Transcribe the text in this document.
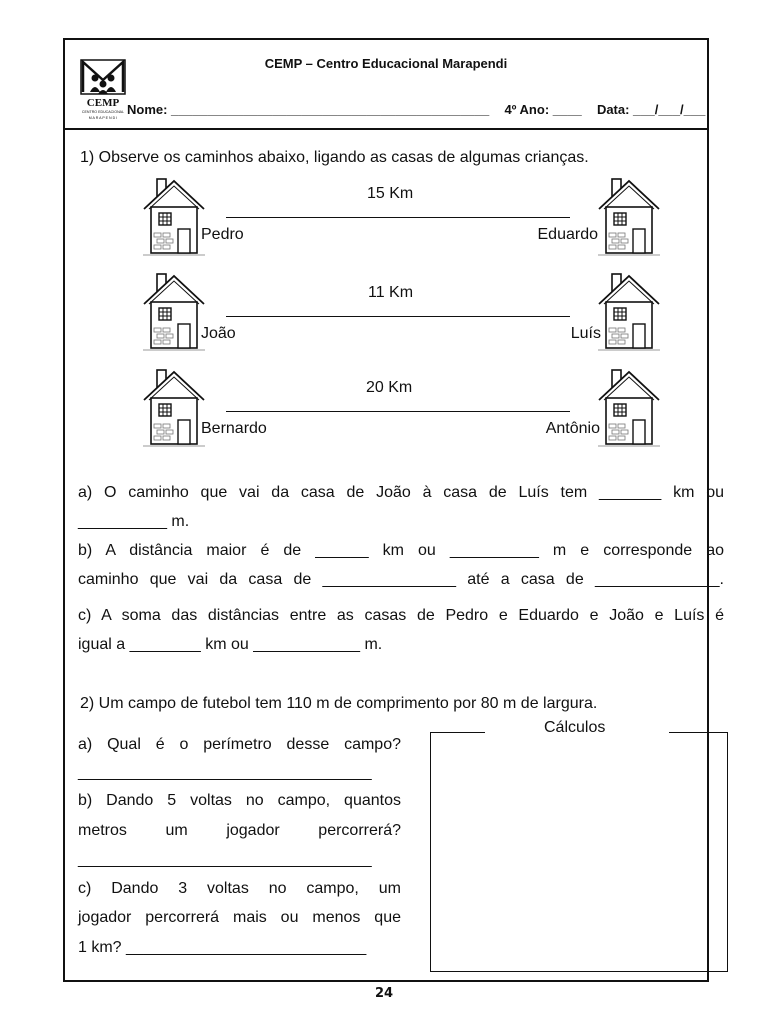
CEMP
CENTRO EDUCACIONAL
M A R A P E N D I
CEMP – Centro Educacional Marapendi
Nome: ____________________________________________ 4º Ano: ____ Data: ___/___/___
1) Observe os caminhos abaixo, ligando as casas de algumas crianças.
15 Km
Pedro	Eduardo
11 Km
João	Luís
20 Km
Bernardo	Antônio
a) O caminho que vai da casa de João à casa de Luís tem _______ km ou
__________ m.
b) A distância maior é de ______ km ou __________ m e corresponde ao
caminho que vai da casa de _______________ até a casa de ______________.
c) A soma das distâncias entre as casas de Pedro e Eduardo e João e Luís é
igual a ________ km ou ____________ m.
2) Um campo de futebol tem 110 m de comprimento por 80 m de largura.
Cálculos
a) Qual é o perímetro desse campo?
_________________________________
b) Dando 5 voltas no campo, quantos
metros um jogador percorrerá?
_________________________________
c) Dando 3 voltas no campo, um
jogador percorrerá mais ou menos que
1 km? ___________________________
24
